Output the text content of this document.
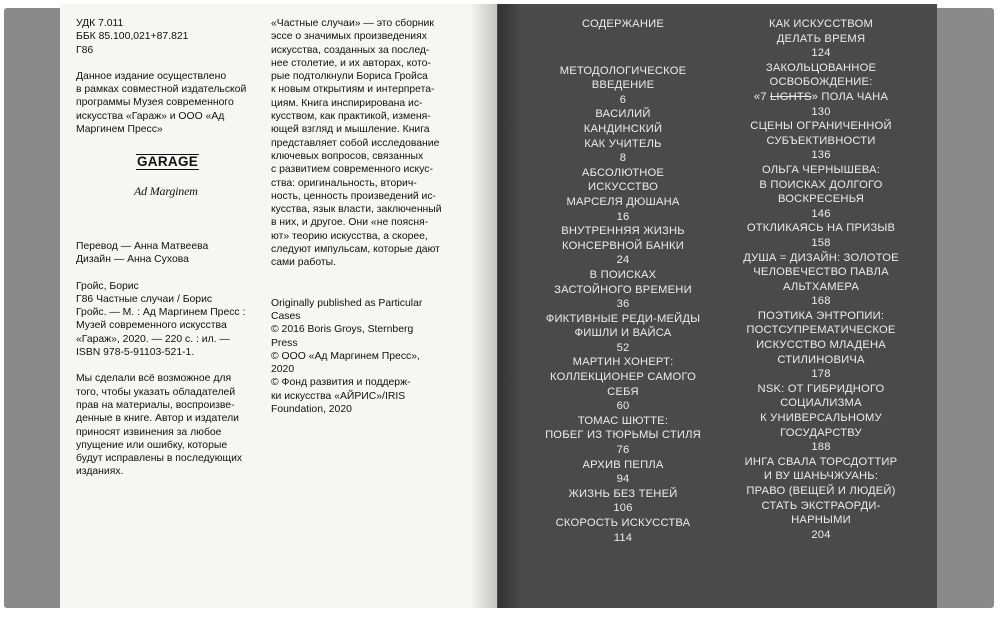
УДК 7.011

ББК 85.100,021+87.821

Г86

Данное издание осуществлено
в рамках совместной издательской
программы Музея современного
искусства «Гараж» и ООО «Ад
Маргинем Пресс»

GARAGE
Ad Marginem

Перевод — Анна Матвеева

Дизайн — Анна Сухова

Гройс, Борис

Г86 Частные случаи / Борис
Гройс. — М. : Ад Маргинем Пресс :
Музей современного искусства
«Гараж», 2020. — 220 с. : ил. —
ISBN 978-5-91103-521-1.

Мы сделали всё возможное для
того, чтобы указать обладателей
прав на материалы, воспроизве-
денные в книге. Автор и издатели
приносят извинения за любое
упущение или ошибку, которые
будут исправлены в последующих
изданиях.

«Частные случаи» — это сборник
эссе о значимых произведениях
искусства, созданных за послед-
нее столетие, и их авторах, кото-
рые подтолкнули Бориса Гройса
к новым открытиям и интерпрета-
циям. Книга инспирирована ис-
кусством, как практикой, изменя-
ющей взгляд и мышление. Книга
представляет собой исследование
ключевых вопросов, связанных
с развитием современного искус-
ства: оригинальность, вторич-
ность, ценность произведений ис-
кусства, язык власти, заключенный
в них, и другое. Они «не поясня-
ют» теорию искусства, а скорее,
следуют импульсам, которые дают
сами работы.

Originally published as Particular
Cases
© 2016 Boris Groys, Sternberg
Press
© ООО «Ад Маргинем Пресс»,
2020
© Фонд развития и поддерж-
ки искусства «АЙРИС»/IRIS
Foundation, 2020

СОДЕРЖАНИЕ
МЕТОДОЛОГИЧЕСКОЕ
ВВЕДЕНИЕ
6
ВАСИЛИЙ
КАНДИНСКИЙ
КАК УЧИТЕЛЬ
8
АБСОЛЮТНОЕ
ИСКУССТВО
МАРСЕЛЯ ДЮШАНА
16
ВНУТРЕННЯЯ ЖИЗНЬ
КОНСЕРВНОЙ БАНКИ
24
В ПОИСКАХ
ЗАСТОЙНОГО ВРЕМЕНИ
36
ФИКТИВНЫЕ РЕДИ-МЕЙДЫ
ФИШЛИ И ВАЙСА
52
МАРТИН ХОНЕРТ:
КОЛЛЕКЦИОНЕР САМОГО
СЕБЯ
60
ТОМАС ШЮТТЕ:
ПОБЕГ ИЗ ТЮРЬМЫ СТИЛЯ
76
АРХИВ ПЕПЛА
94
ЖИЗНЬ БЕЗ ТЕНЕЙ
106
СКОРОСТЬ ИСКУССТВА
114
КАК ИСКУССТВОМ
ДЕЛАТЬ ВРЕМЯ
124
ЗАКОЛЬЦОВАННОЕ
ОСВОБОЖДЕНИЕ:
«7 LIGHTS» ПОЛА ЧАНА
130
СЦЕНЫ ОГРАНИЧЕННОЙ
СУБЪЕКТИВНОСТИ
136
ОЛЬГА ЧЕРНЫШЕВА:
В ПОИСКАХ ДОЛГОГО
ВОСКРЕСЕНЬЯ
146
ОТКЛИКАЯСЬ НА ПРИЗЫВ
158
ДУША = ДИЗАЙН: ЗОЛОТОЕ
ЧЕЛОВЕЧЕСТВО ПАВЛА
АЛЬТХАМЕРА
168
ПОЭТИКА ЭНТРОПИИ:
ПОСТСУПРЕМАТИЧЕСКОЕ
ИСКУССТВО МЛАДЕНА
СТИЛИНОВИЧА
178
NSK: ОТ ГИБРИДНОГО
СОЦИАЛИЗМА
К УНИВЕРСАЛЬНОМУ
ГОСУДАРСТВУ
188
ИНГА СВАЛА ТОРСДОТТИР
И ВУ ШАНЬЧЖУАНЬ:
ПРАВО (ВЕЩЕЙ И ЛЮДЕЙ)
СТАТЬ ЭКСТРАОРДИ-
НАРНЫМИ
204
